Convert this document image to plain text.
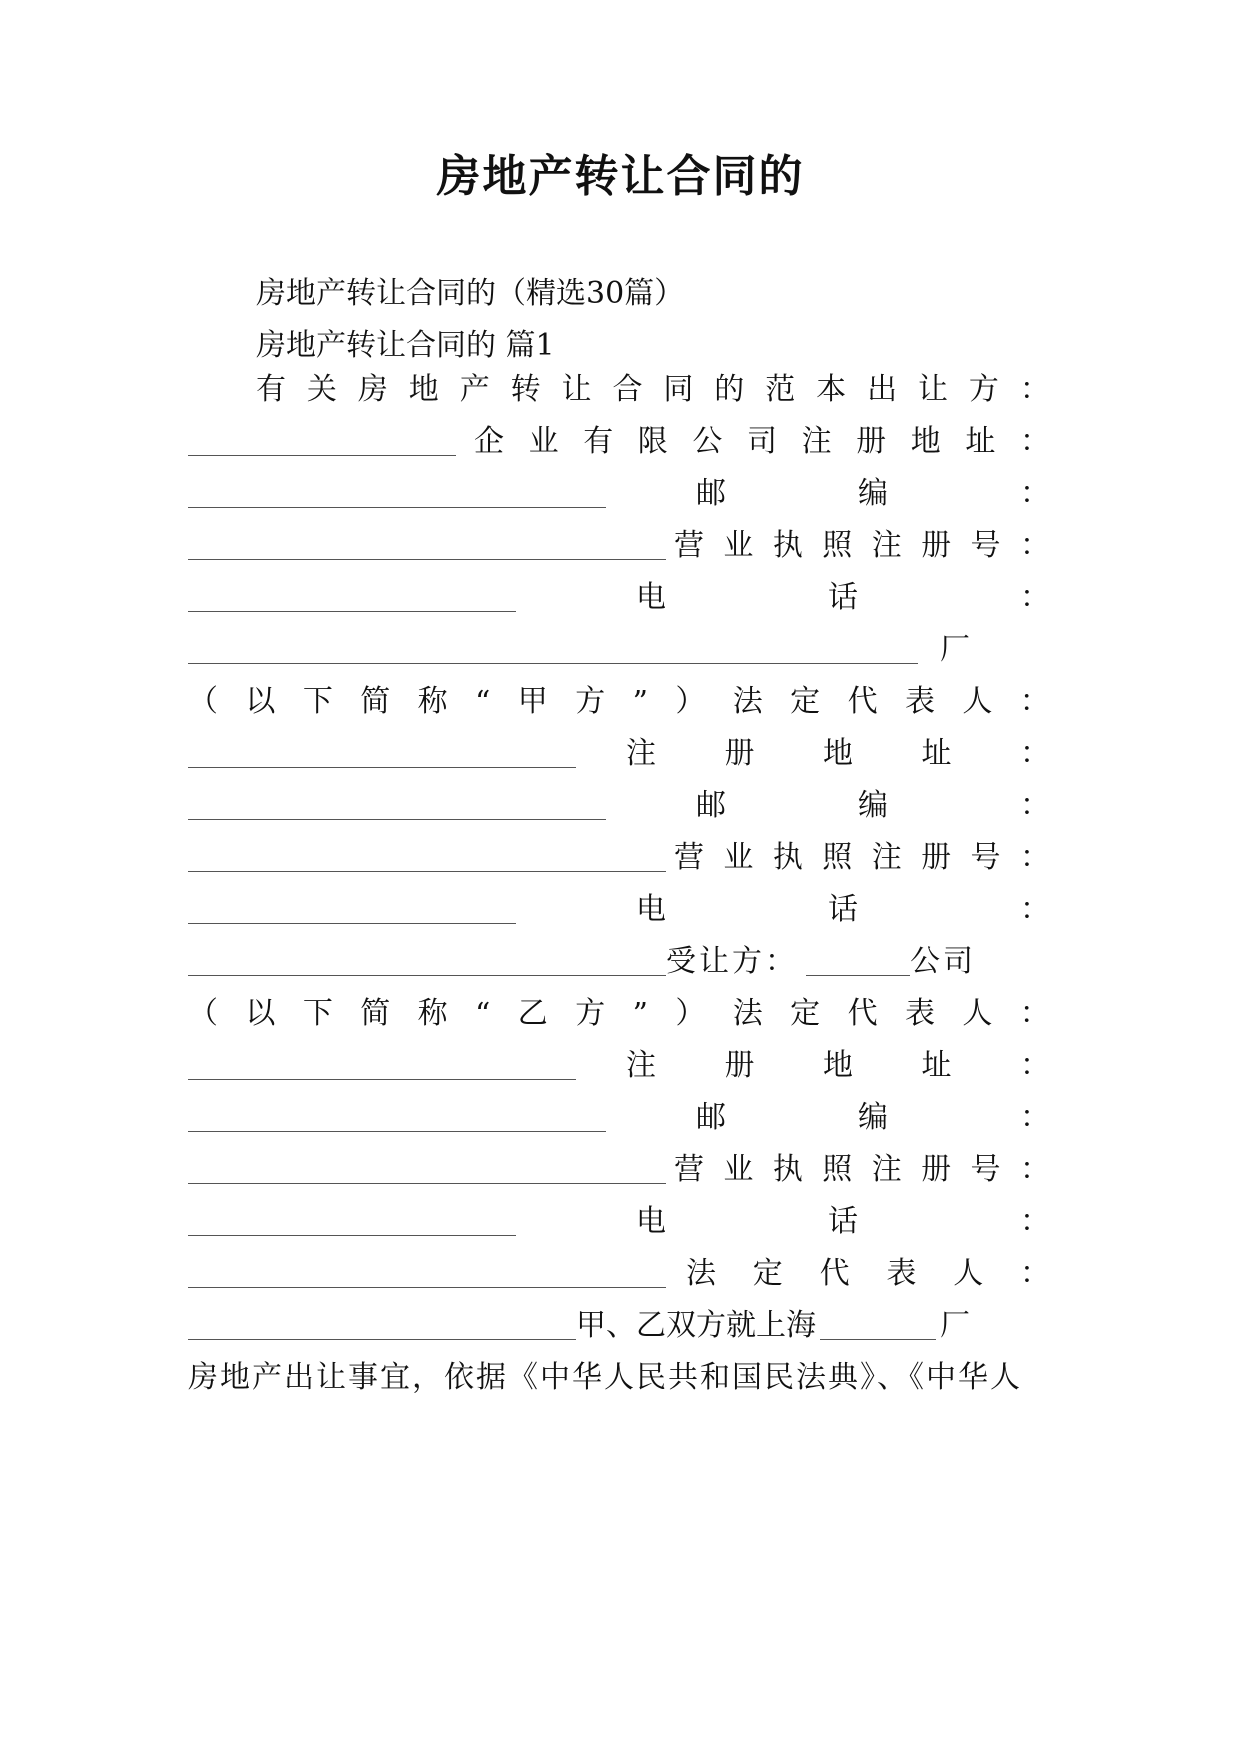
房地产转让合同的
房地产转让合同的（精选30篇）
房地产转让合同的 篇1
有 关 房 地 产 转 让 合 同 的 范 本 出 让 方 ：
企 业 有 限 公 司 注 册 地 址 ：
邮	编	：
营 业 执 照 注 册 号 ：
电	话	：
厂
（ 以 下 简 称 “ 甲 方 ” ） 法 定 代 表 人 ：
注 册 地 址 ：
邮	编	：
营 业 执 照 注 册 号 ：
电	话	：
受让方：	公司
（ 以 下 简 称 “ 乙 方 ” ） 法 定 代 表 人 ：
注 册 地 址 ：
邮	编	：
营 业 执 照 注 册 号 ：
电	话	：
法 定 代 表 人 ：
甲、乙双方就上海	厂
房地产出让事宜，依据《中华人民共和国民法典》、《中华人
